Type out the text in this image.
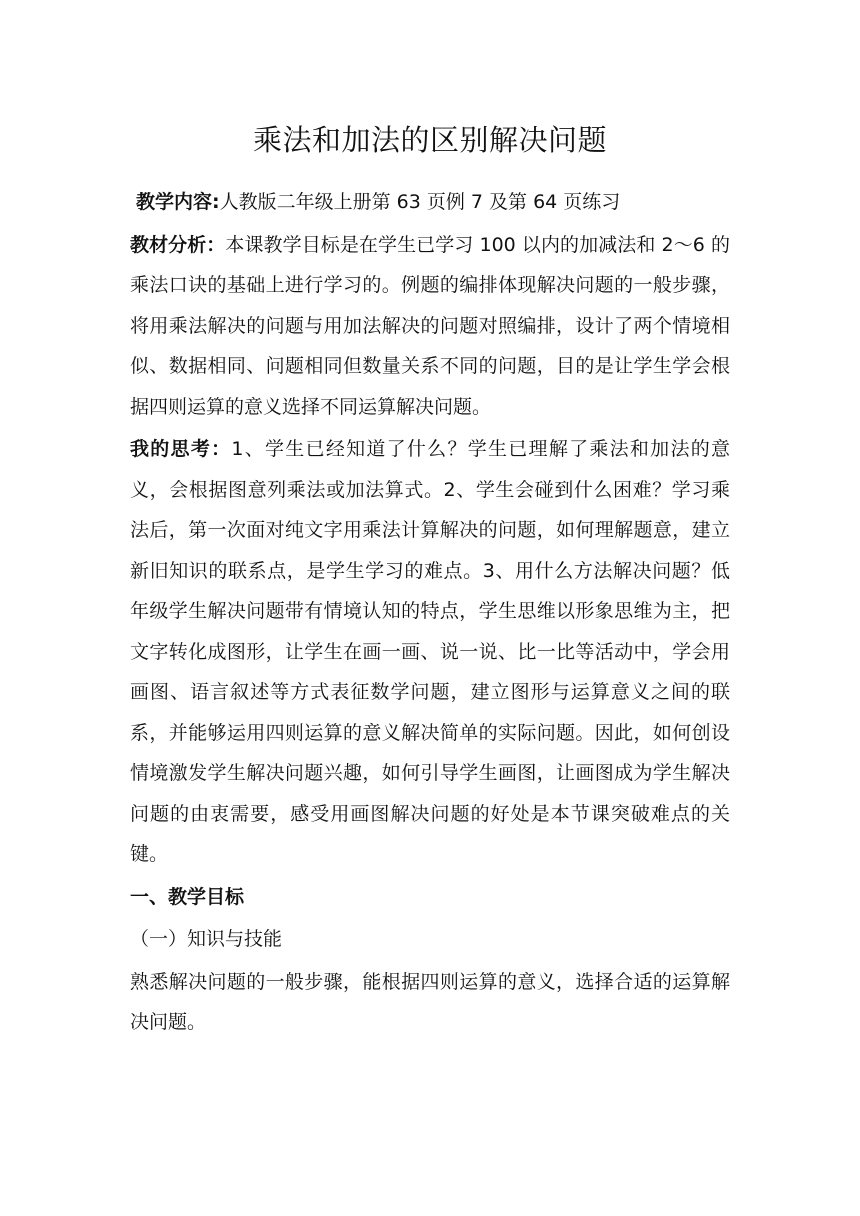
乘法和加法的区别解决问题

教学内容:人教版二年级上册第 63 页例 7 及第 64 页练习

教材分析：本课教学目标是在学生已学习 100 以内的加减法和 2～6 的乘法口诀的基础上进行学习的。例题的编排体现解决问题的一般步骤，将用乘法解决的问题与用加法解决的问题对照编排，设计了两个情境相似、数据相同、问题相同但数量关系不同的问题，目的是让学生学会根据四则运算的意义选择不同运算解决问题。

我的思考：1、学生已经知道了什么？学生已理解了乘法和加法的意义，会根据图意列乘法或加法算式。2、学生会碰到什么困难？学习乘法后，第一次面对纯文字用乘法计算解决的问题，如何理解题意，建立新旧知识的联系点，是学生学习的难点。3、用什么方法解决问题？低年级学生解决问题带有情境认知的特点，学生思维以形象思维为主，把文字转化成图形，让学生在画一画、说一说、比一比等活动中，学会用画图、语言叙述等方式表征数学问题，建立图形与运算意义之间的联系，并能够运用四则运算的意义解决简单的实际问题。因此，如何创设情境激发学生解决问题兴趣，如何引导学生画图，让画图成为学生解决问题的由衷需要，感受用画图解决问题的好处是本节课突破难点的关键。

一、教学目标

（一）知识与技能

熟悉解决问题的一般步骤，能根据四则运算的意义，选择合适的运算解决问题。
